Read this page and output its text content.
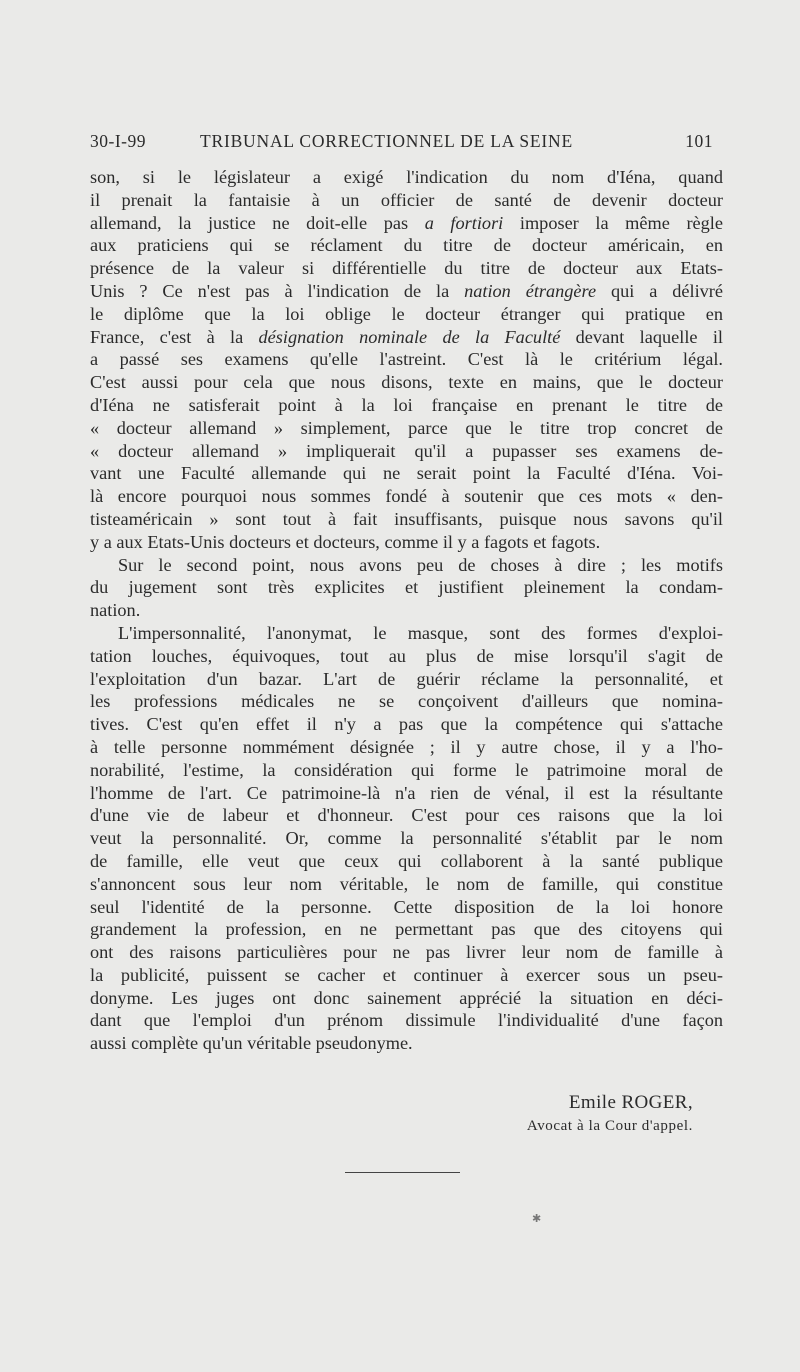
30-I-99	TRIBUNAL CORRECTIONNEL DE LA SEINE	101

son, si le législateur a exigé l'indication du nom d'Iéna, quand
il prenait la fantaisie à un officier de santé de devenir docteur
allemand, la justice ne doit-elle pas a fortiori imposer la même règle
aux praticiens qui se réclament du titre de docteur américain, en
présence de la valeur si différentielle du titre de docteur aux Etats-
Unis ? Ce n'est pas à l'indication de la nation étrangère qui a délivré
le diplôme que la loi oblige le docteur étranger qui pratique en
France, c'est à la désignation nominale de la Faculté devant laquelle il
a passé ses examens qu'elle l'astreint. C'est là le critérium légal.
C'est aussi pour cela que nous disons, texte en mains, que le docteur
d'Iéna ne satisferait point à la loi française en prenant le titre de
« docteur allemand » simplement, parce que le titre trop concret de
« docteur allemand » impliquerait qu'il a pupasser ses examens de-
vant une Faculté allemande qui ne serait point la Faculté d'Iéna. Voi-
là encore pourquoi nous sommes fondé à soutenir que ces mots « den-
tisteaméricain » sont tout à fait insuffisants, puisque nous savons qu'il
y a aux Etats-Unis docteurs et docteurs, comme il y a fagots et fagots.

Sur le second point, nous avons peu de choses à dire ; les motifs
du jugement sont très explicites et justifient pleinement la condam-
nation.

L'impersonnalité, l'anonymat, le masque, sont des formes d'exploi-
tation louches, équivoques, tout au plus de mise lorsqu'il s'agit de
l'exploitation d'un bazar. L'art de guérir réclame la personnalité, et
les professions médicales ne se conçoivent d'ailleurs que nomina-
tives. C'est qu'en effet il n'y a pas que la compétence qui s'attache
à telle personne nommément désignée ; il y autre chose, il y a l'ho-
norabilité, l'estime, la considération qui forme le patrimoine moral de
l'homme de l'art. Ce patrimoine-là n'a rien de vénal, il est la résultante
d'une vie de labeur et d'honneur. C'est pour ces raisons que la loi
veut la personnalité. Or, comme la personnalité s'établit par le nom
de famille, elle veut que ceux qui collaborent à la santé publique
s'annoncent sous leur nom véritable, le nom de famille, qui constitue
seul l'identité de la personne. Cette disposition de la loi honore
grandement la profession, en ne permettant pas que des citoyens qui
ont des raisons particulières pour ne pas livrer leur nom de famille à
la publicité, puissent se cacher et continuer à exercer sous un pseu-
donyme. Les juges ont donc sainement apprécié la situation en déci-
dant que l'emploi d'un prénom dissimule l'individualité d'une façon
aussi complète qu'un véritable pseudonyme.

Emile ROGER,
Avocat à la Cour d'appel.
✱
